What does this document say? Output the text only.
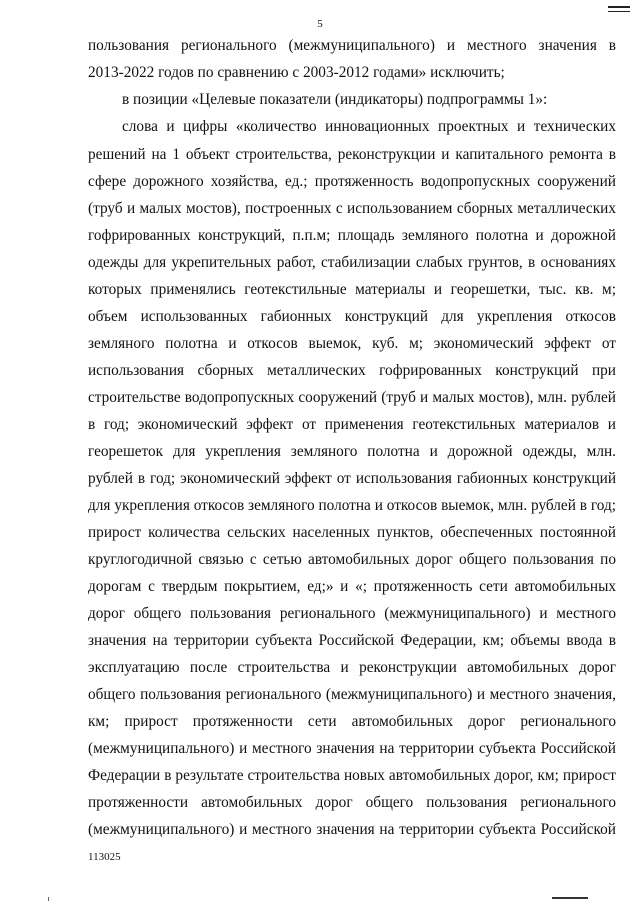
5

пользования регионального (межмуниципального) и местного значения в

2013-2022 годов по сравнению с 2003-2012 годами» исключить;

в позиции «Целевые показатели (индикаторы) подпрограммы 1»:

слова и цифры «количество инновационных проектных и технических

решений на 1 объект строительства, реконструкции и капитального ремонта в

сфере дорожного хозяйства, ед.; протяженность водопропускных сооружений

(труб и малых мостов), построенных с использованием сборных металлических

гофрированных конструкций, п.п.м; площадь земляного полотна и дорожной

одежды для укрепительных работ, стабилизации слабых грунтов, в основаниях

которых применялись геотекстильные материалы и георешетки, тыс. кв. м;

объем использованных габионных конструкций для укрепления откосов

земляного полотна и откосов выемок, куб. м; экономический эффект от

использования сборных металлических гофрированных конструкций при

строительстве водопропускных сооружений (труб и малых мостов), млн. рублей

в год; экономический эффект от применения геотекстильных материалов и

георешеток для укрепления земляного полотна и дорожной одежды, млн.

рублей в год; экономический эффект от использования габионных конструкций

для укрепления откосов земляного полотна и откосов выемок, млн. рублей в год;

прирост количества сельских населенных пунктов, обеспеченных постоянной

круглогодичной связью с сетью автомобильных дорог общего пользования по

дорогам с твердым покрытием, ед;» и «; протяженность сети автомобильных

дорог общего пользования регионального (межмуниципального) и местного

значения на территории субъекта Российской Федерации, км; объемы ввода в

эксплуатацию после строительства и реконструкции автомобильных дорог

общего пользования регионального (межмуниципального) и местного значения,

км; прирост протяженности сети автомобильных дорог регионального

(межмуниципального) и местного значения на территории субъекта Российской

Федерации в результате строительства новых автомобильных дорог, км; прирост

протяженности автомобильных дорог общего пользования регионального

(межмуниципального) и местного значения на территории субъекта Российской

113025
